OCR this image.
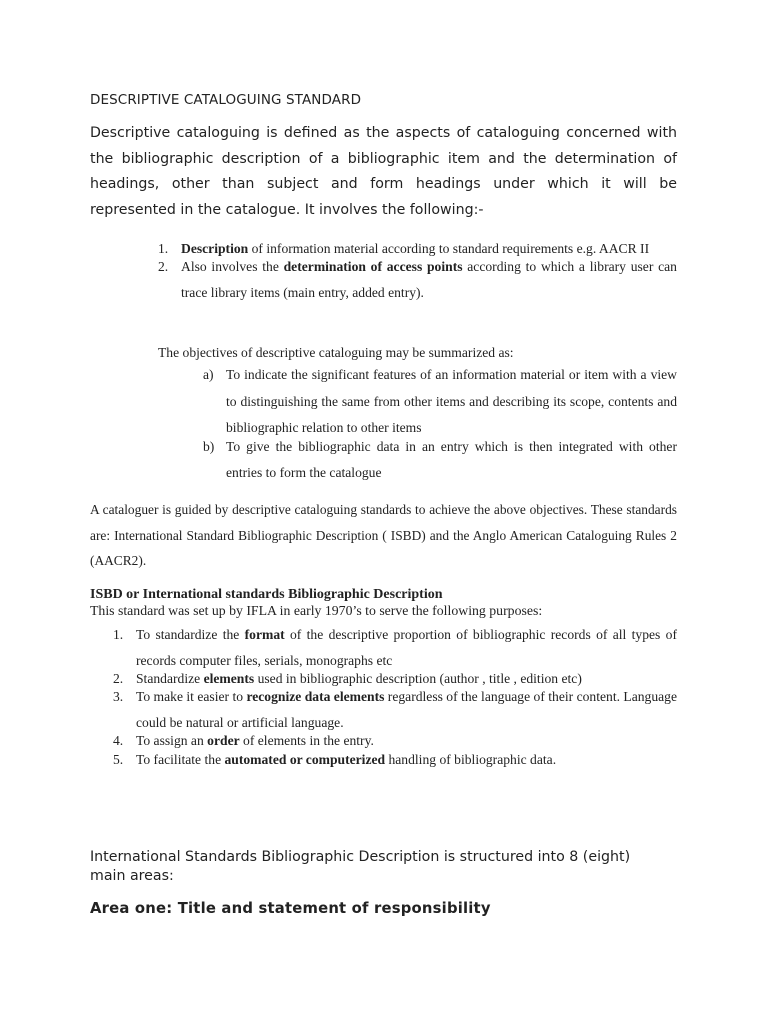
DESCRIPTIVE CATALOGUING STANDARD
Descriptive cataloguing is defined as the aspects of cataloguing concerned with the bibliographic description of a bibliographic item and the determination of headings, other than subject and form headings under which it will be represented in the catalogue. It involves the following:-
1. Description of information material according to standard requirements e.g. AACR II
2. Also involves the determination of access points according to which a library user can trace library items (main entry, added entry).
The objectives of descriptive cataloguing may be summarized as:
a) To indicate the significant features of an information material or item with a view to distinguishing the same from other items and describing its scope, contents and bibliographic relation to other items
b) To give the bibliographic data in an entry which is then integrated with other entries to form the catalogue
A cataloguer is guided by descriptive cataloguing standards to achieve the above objectives. These standards are: International Standard Bibliographic Description ( ISBD) and the Anglo American Cataloguing Rules 2 (AACR2).
ISBD or International standards Bibliographic Description
This standard was set up by IFLA in early 1970’s to serve the following purposes:
1. To standardize the format of the descriptive proportion of bibliographic records of all types of records computer files, serials, monographs etc
2. Standardize elements used in bibliographic description (author , title , edition etc)
3. To make it easier to recognize data elements regardless of the language of their content. Language could be natural or artificial language.
4. To assign an order of elements in the entry.
5. To facilitate the automated or computerized handling of bibliographic data.
International Standards Bibliographic Description is structured into 8 (eight) main areas:
Area one: Title and statement of responsibility
